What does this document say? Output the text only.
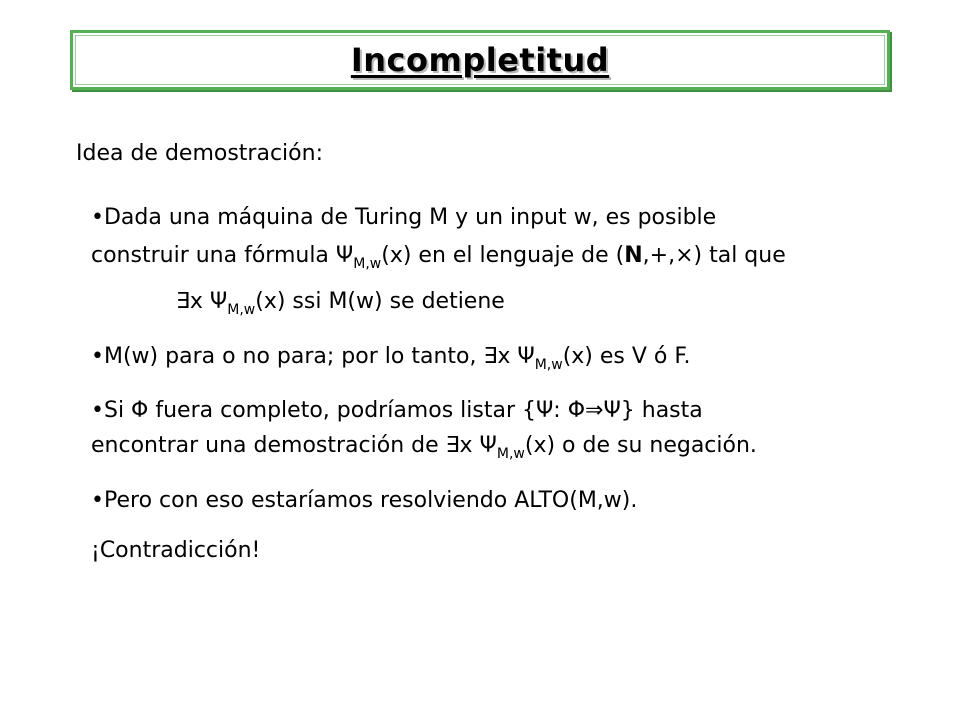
Incompletitud
Idea de demostración:
•Dada una máquina de Turing M y un input w, es posible
construir una fórmula $\Psi_{M,w}(x)$ en el lenguaje de (N,+,×) tal que
∃x $\Psi_{M,w}(x)$ ssi M(w) se detiene
•M(w) para o no para; por lo tanto, ∃x $\Psi_{M,w}(x)$ es V ó F.
•Si Φ fuera completo, podríamos listar {Ψ: Φ⇒Ψ} hasta
encontrar una demostración de ∃x $\Psi_{M,w}(x)$ o de su negación.
•Pero con eso estaríamos resolviendo ALTO(M,w).
¡Contradicción!
